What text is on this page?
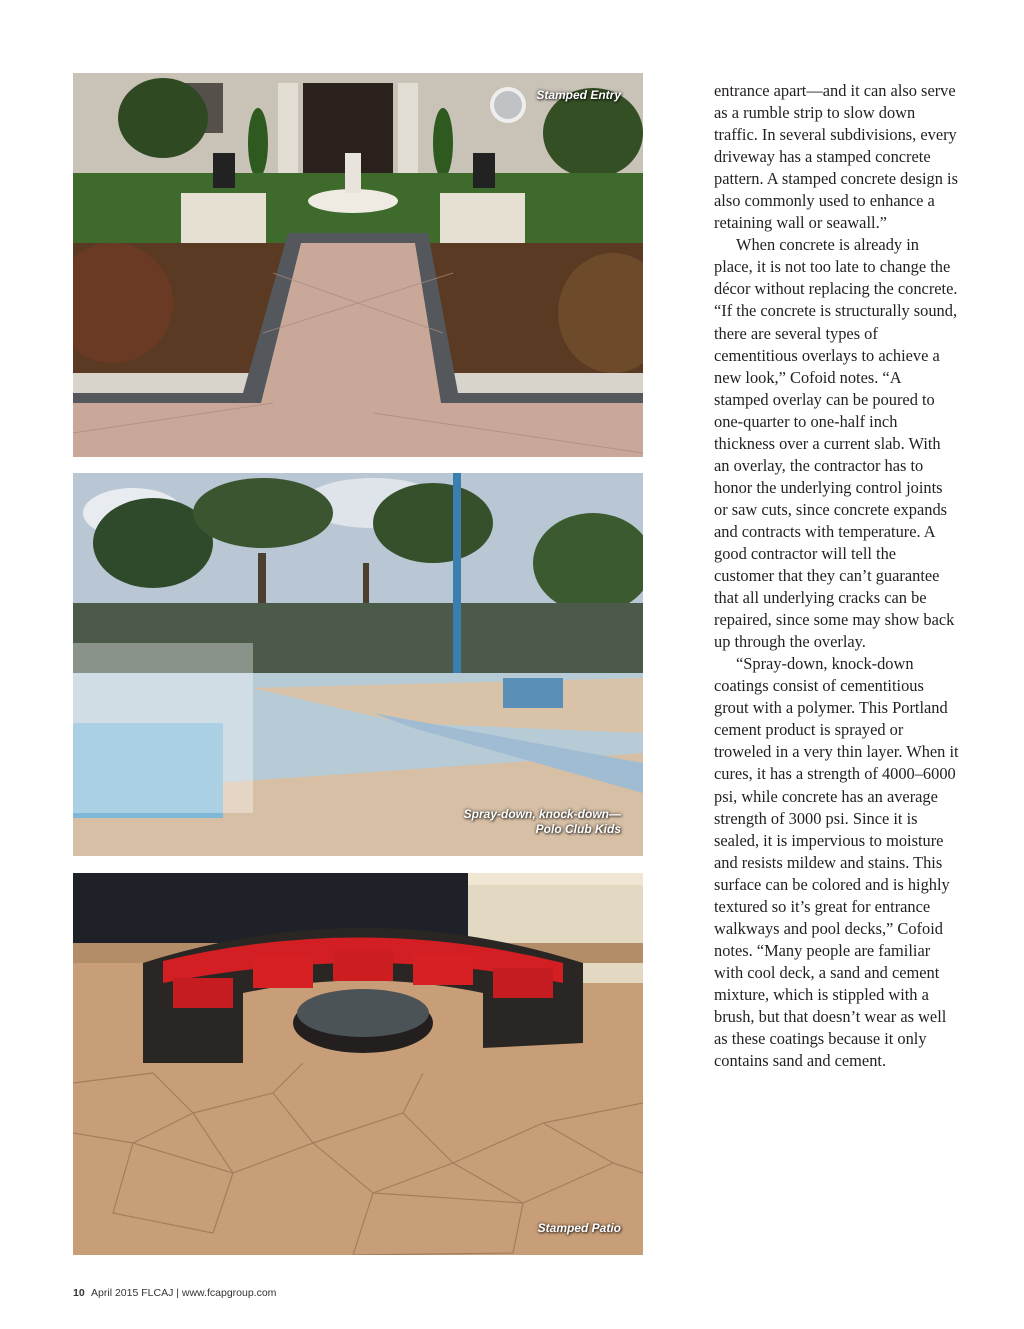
Stamped Entry
Spray-down, knock-down—
Polo Club Kids
Stamped Patio

entrance apart—and it can also serve as a rumble strip to slow down traffic. In several subdivisions, every driveway has a stamped concrete pattern. A stamped concrete design is also commonly used to enhance a retaining wall or seawall.”

When concrete is already in place, it is not too late to change the décor without replacing the concrete. “If the concrete is structurally sound, there are several types of cementitious overlays to achieve a new look,” Cofoid notes. “A stamped overlay can be poured to one-quarter to one-half inch thickness over a current slab. With an overlay, the contractor has to honor the underlying control joints or saw cuts, since concrete expands and contracts with temperature. A good contractor will tell the customer that they can’t guarantee that all underlying cracks can be repaired, since some may show back up through the overlay.

“Spray-down, knock-down coatings consist of cementitious grout with a polymer. This Portland cement product is sprayed or troweled in a very thin layer. When it cures, it has a strength of 4000–6000 psi, while concrete has an average strength of 3000 psi. Since it is sealed, it is impervious to moisture and resists mildew and stains. This surface can be colored and is highly textured so it’s great for entrance walkways and pool decks,” Cofoid notes. “Many people are familiar with cool deck, a sand and cement mixture, which is stippled with a brush, but that doesn’t wear as well as these coatings because it only contains sand and cement.

10 April 2015 FLCAJ | www.fcapgroup.com
